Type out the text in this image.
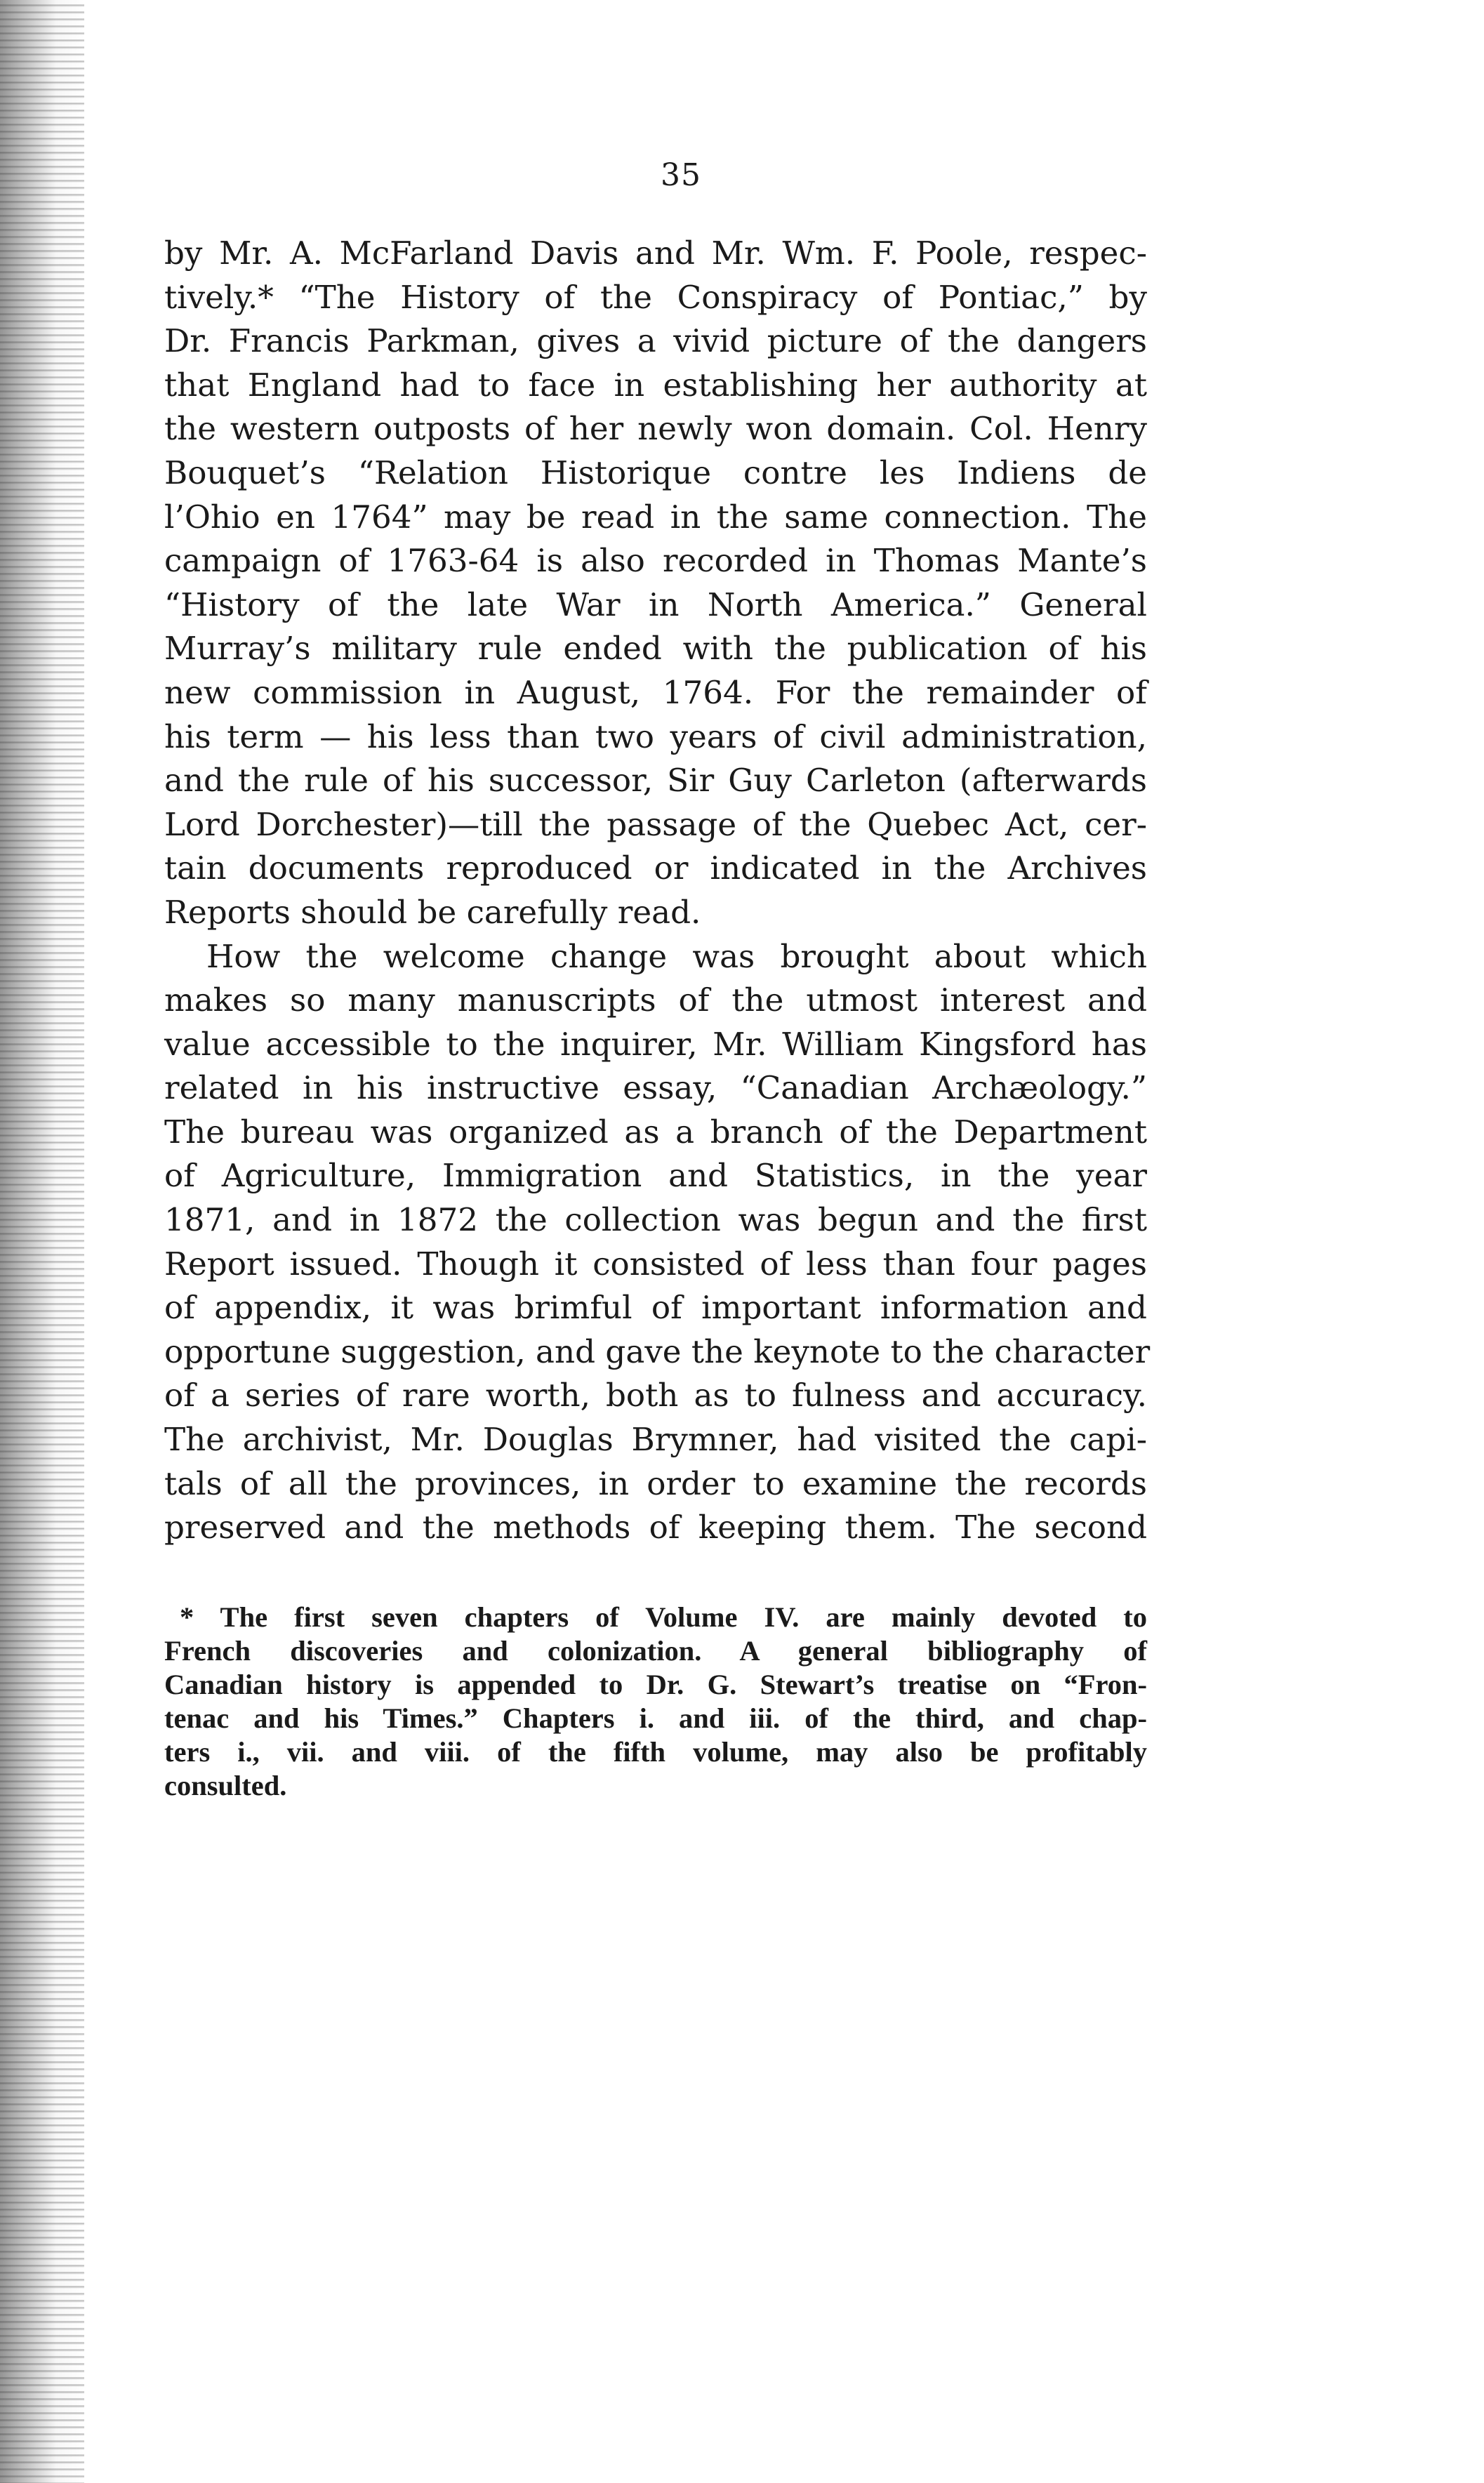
35
by Mr. A. McFarland Davis and Mr. Wm. F. Poole, respec-
tively.* “The History of the Conspiracy of Pontiac,” by
Dr. Francis Parkman, gives a vivid picture of the dangers
that England had to face in establishing her authority at
the western outposts of her newly won domain. Col. Henry
Bouquet’s “Relation Historique contre les Indiens de
l’Ohio en 1764” may be read in the same connection. The
campaign of 1763-64 is also recorded in Thomas Mante’s
“History of the late War in North America.” General
Murray’s military rule ended with the publication of his
new commission in August, 1764. For the remainder of
his term — his less than two years of civil administration,
and the rule of his successor, Sir Guy Carleton (afterwards
Lord Dorchester)—till the passage of the Quebec Act, cer-
tain documents reproduced or indicated in the Archives
Reports should be carefully read.
How the welcome change was brought about which
makes so many manuscripts of the utmost interest and
value accessible to the inquirer, Mr. William Kingsford has
related in his instructive essay, “Canadian Archæology.”
The bureau was organized as a branch of the Department
of Agriculture, Immigration and Statistics, in the year
1871, and in 1872 the collection was begun and the first
Report issued. Though it consisted of less than four pages
of appendix, it was brimful of important information and
opportune suggestion, and gave the keynote to the character
of a series of rare worth, both as to fulness and accuracy.
The archivist, Mr. Douglas Brymner, had visited the capi-
tals of all the provinces, in order to examine the records
preserved and the methods of keeping them. The second
* The first seven chapters of Volume IV. are mainly devoted to
French discoveries and colonization. A general bibliography of
Canadian history is appended to Dr. G. Stewart’s treatise on “Fron-
tenac and his Times.” Chapters i. and iii. of the third, and chap-
ters i., vii. and viii. of the fifth volume, may also be profitably
consulted.
